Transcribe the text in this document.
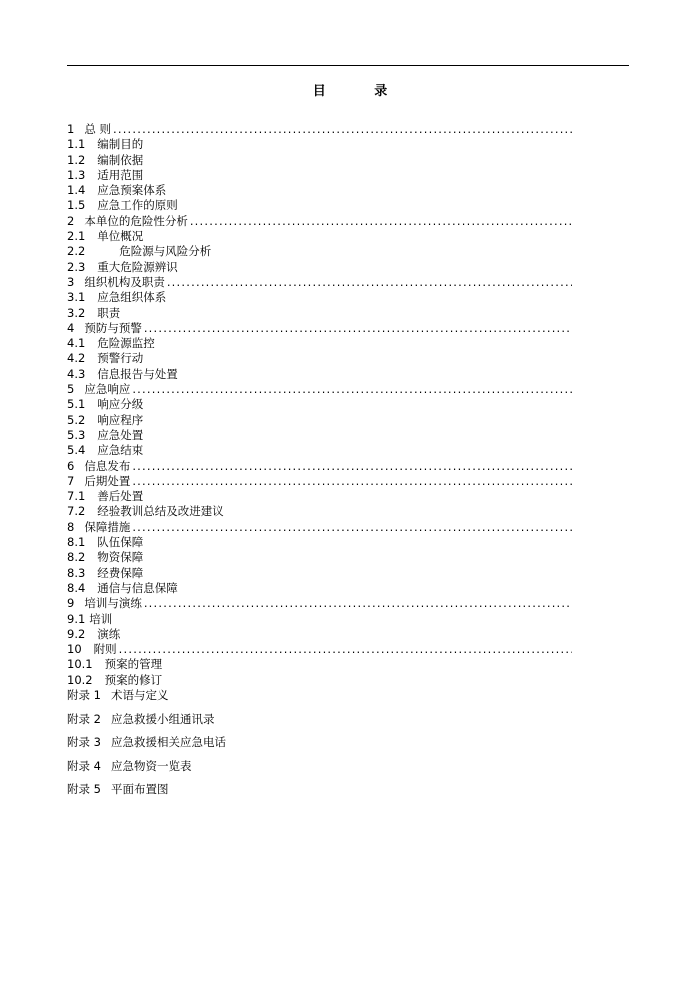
目 录
1 总 则
.....
1.1 编制目的
1.2 编制依据
1.3 适用范围
1.4 应急预案体系
1.5 应急工作的原则
2 本单位的危险性分析
.....
2.1 单位概况
2.2	危险源与风险分析
2.3 重大危险源辨识
3 组织机构及职责
.....
3.1 应急组织体系
3.2 职责
4 预防与预警
.....
4.1 危险源监控
4.2 预警行动
4.3 信息报告与处置
5 应急响应
.....
5.1 响应分级
5.2 响应程序
5.3 应急处置
5.4 应急结束
6 信息发布
.....
7 后期处置
.....
7.1 善后处置
7.2 经验教训总结及改进建议
8 保障措施
.....
8.1 队伍保障
8.2 物资保障
8.3 经费保障
8.4 通信与信息保障
9 培训与演练
.....
9.1 培训
9.2 演练
10 附则
.....
10.1 预案的管理
10.2 预案的修订
附录 1 术语与定义
附录 2 应急救援小组通讯录
附录 3 应急救援相关应急电话
附录 4 应急物资一览表
附录 5 平面布置图
